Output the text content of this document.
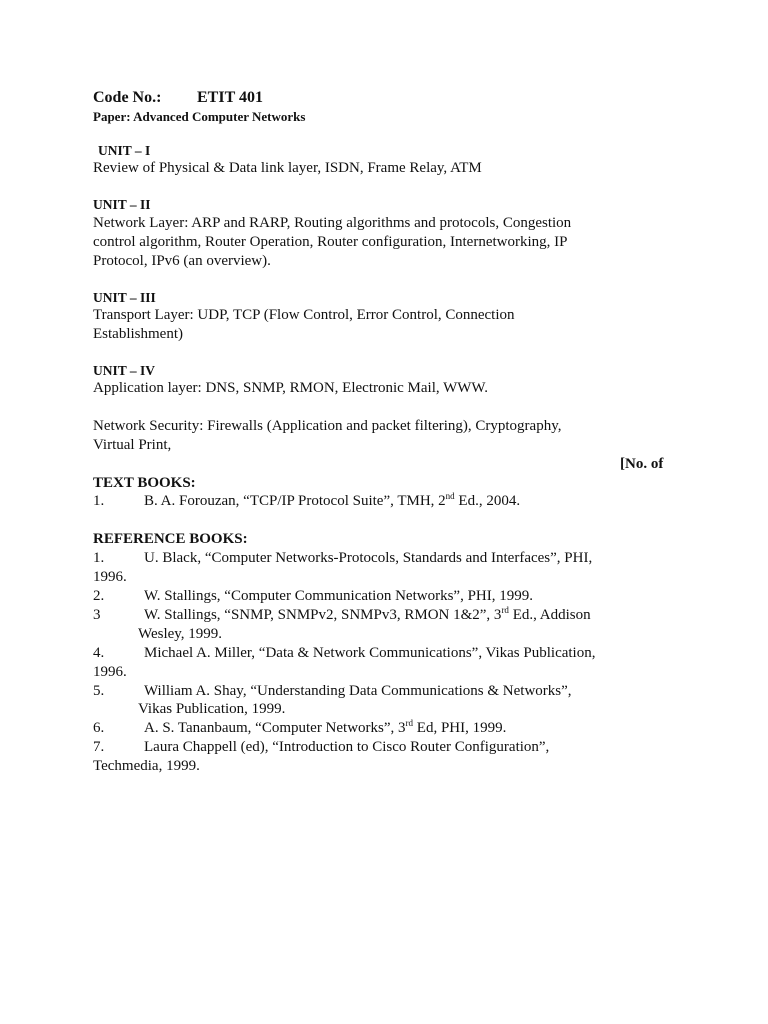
Code No.: ETIT 401
Paper: Advanced Computer Networks
UNIT – I
Review of Physical & Data link layer, ISDN, Frame Relay, ATM
UNIT – II
Network Layer: ARP and RARP, Routing algorithms and protocols, Congestion
control algorithm, Router Operation, Router configuration, Internetworking, IP
Protocol, IPv6 (an overview).
UNIT – III
Transport Layer: UDP, TCP (Flow Control, Error Control, Connection
Establishment)
UNIT – IV
Application layer: DNS, SNMP, RMON, Electronic Mail, WWW.
Network Security: Firewalls (Application and packet filtering), Cryptography,
Virtual Print,
[No. of
TEXT BOOKS:
1.	B. A. Forouzan, “TCP/IP Protocol Suite”, TMH, 2nd Ed., 2004.
REFERENCE BOOKS:
1.	U. Black, “Computer Networks-Protocols, Standards and Interfaces”, PHI,
1996.
2.	W. Stallings, “Computer Communication Networks”, PHI, 1999.
3	W. Stallings, “SNMP, SNMPv2, SNMPv3, RMON 1&2”, 3rd Ed., Addison
Wesley, 1999.
4.	Michael A. Miller, “Data & Network Communications”, Vikas Publication,
1996.
5.	William A. Shay, “Understanding Data Communications & Networks”,
Vikas Publication, 1999.
6.	A. S. Tananbaum, “Computer Networks”, 3rd Ed, PHI, 1999.
7.	Laura Chappell (ed), “Introduction to Cisco Router Configuration”,
Techmedia, 1999.
